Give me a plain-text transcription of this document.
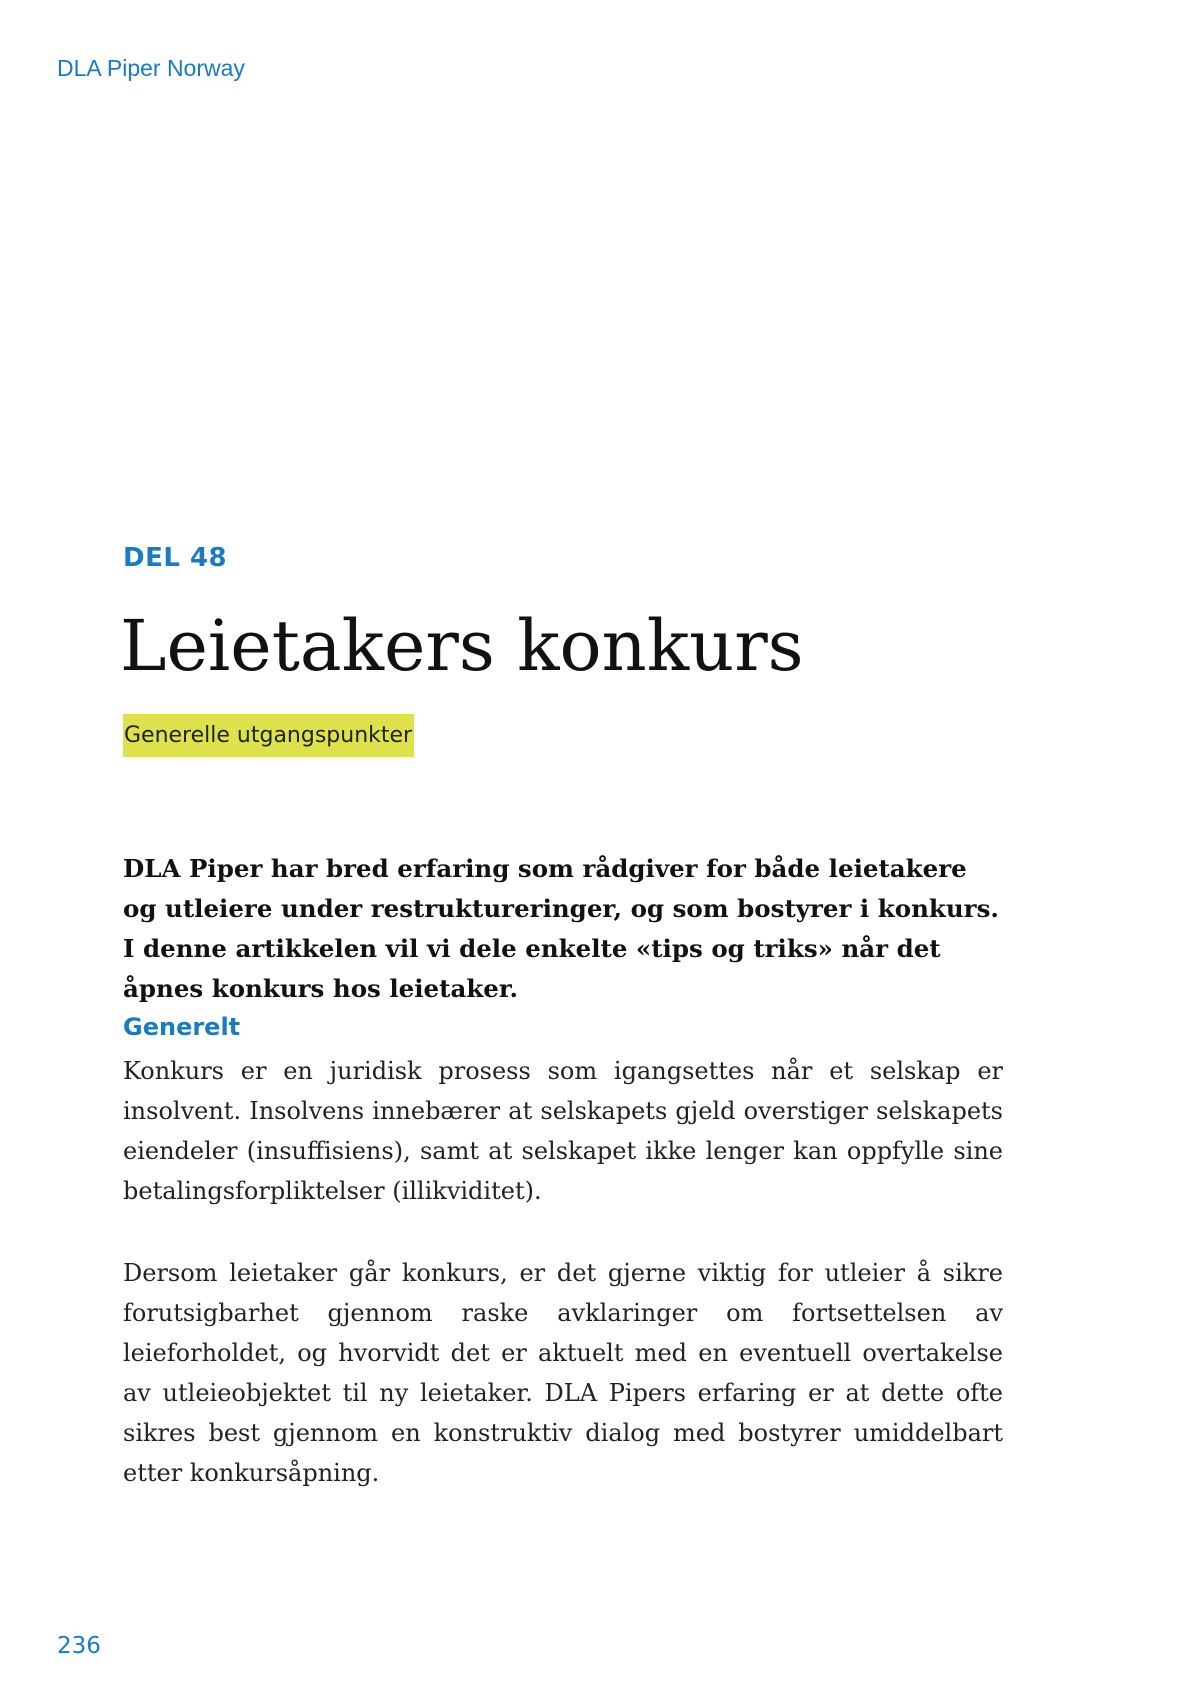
DLA Piper Norway
DEL 48
Leietakers konkurs
Generelle utgangspunkter

DLA Piper har bred erfaring som rådgiver for både leietakere og utleiere under restruktureringer, og som bostyrer i konkurs. I denne artikkelen vil vi dele enkelte «tips og triks» når det åpnes konkurs hos leietaker.

Generelt

Konkurs er en juridisk prosess som igangsettes når et selskap er insolvent. Insolvens innebærer at selskapets gjeld overstiger selskapets eiendeler (insuffisiens), samt at selskapet ikke lenger kan oppfylle sine betalingsforpliktelser (illikviditet).

Dersom leietaker går konkurs, er det gjerne viktig for utleier å sikre forutsigbarhet gjennom raske avklaringer om fortsettelsen av leieforholdet, og hvorvidt det er aktuelt med en eventuell overtakelse av utleieobjektet til ny leietaker. DLA Pipers erfaring er at dette ofte sikres best gjennom en konstruktiv dialog med bostyrer umiddelbart etter konkursåpning.

236
